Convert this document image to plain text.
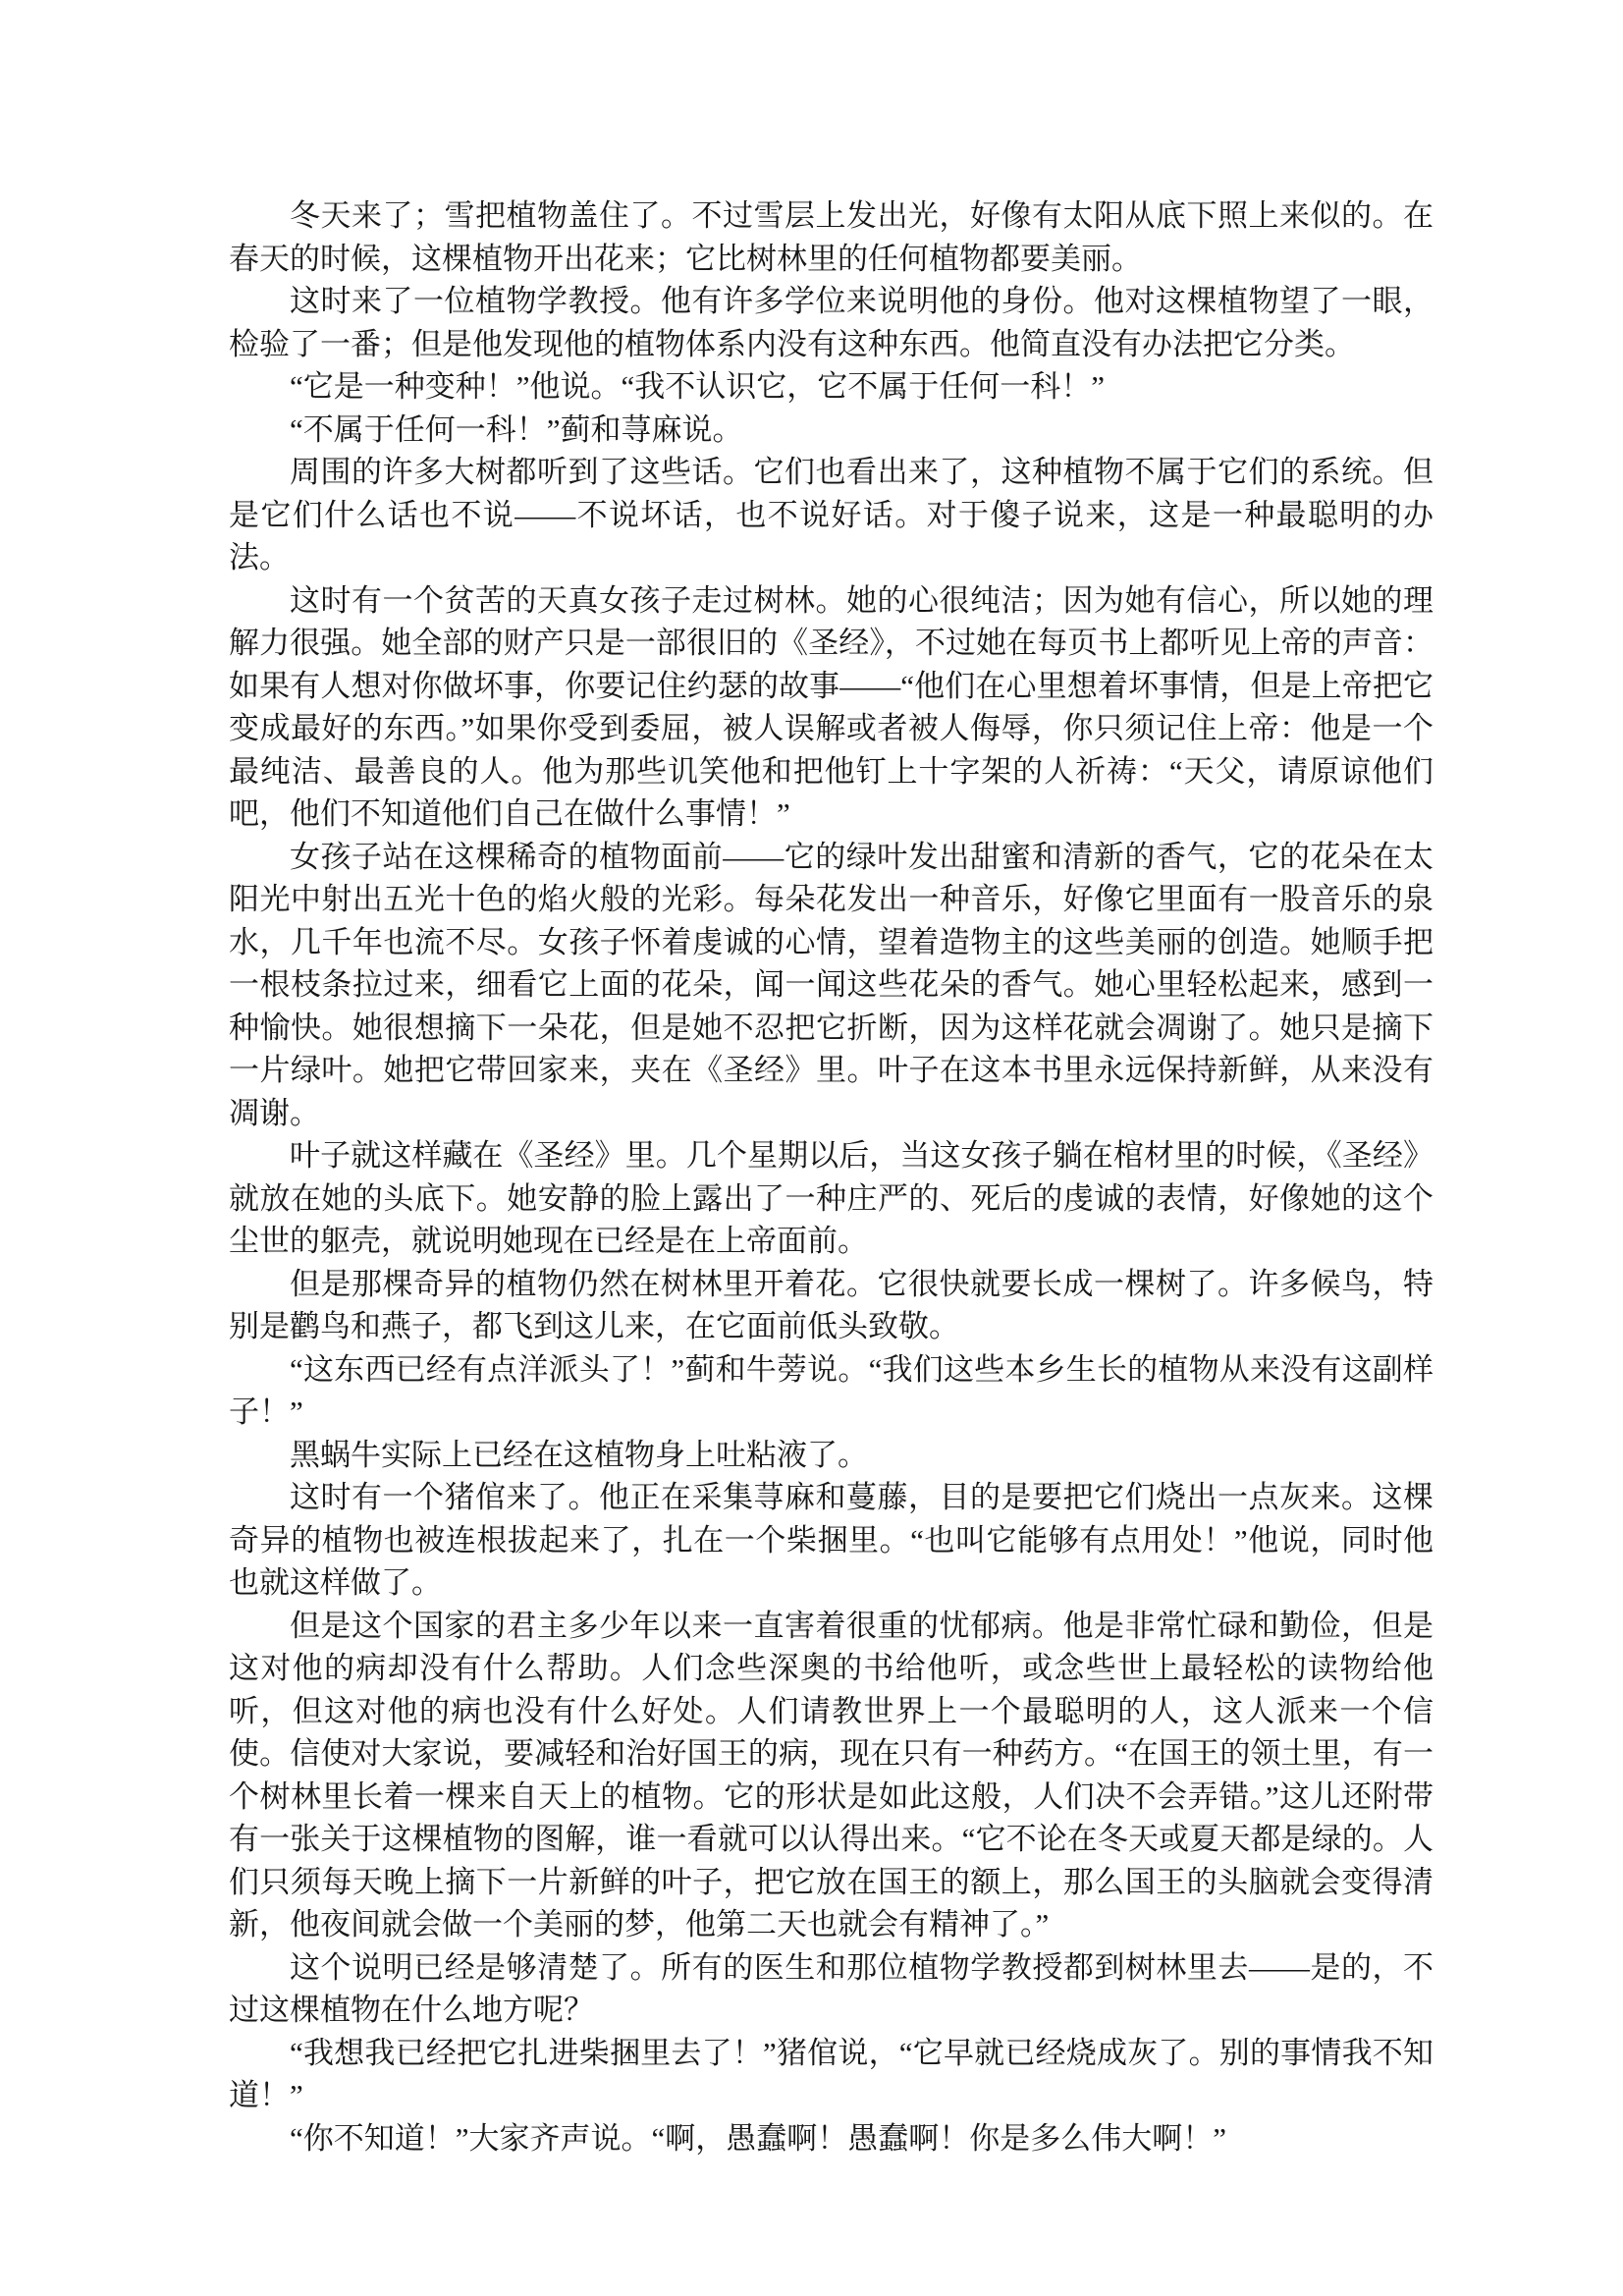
冬天来了；雪把植物盖住了。不过雪层上发出光，好像有太阳从底下照上来似的。在春天的时候，这棵植物开出花来；它比树林里的任何植物都要美丽。

这时来了一位植物学教授。他有许多学位来说明他的身份。他对这棵植物望了一眼，检验了一番；但是他发现他的植物体系内没有这种东西。他简直没有办法把它分类。

“它是一种变种！”他说。“我不认识它，它不属于任何一科！”

“不属于任何一科！”蓟和荨麻说。

周围的许多大树都听到了这些话。它们也看出来了，这种植物不属于它们的系统。但是它们什么话也不说——不说坏话，也不说好话。对于傻子说来，这是一种最聪明的办法。

这时有一个贫苦的天真女孩子走过树林。她的心很纯洁；因为她有信心，所以她的理解力很强。她全部的财产只是一部很旧的《圣经》，不过她在每页书上都听见上帝的声音：如果有人想对你做坏事，你要记住约瑟的故事——“他们在心里想着坏事情，但是上帝把它变成最好的东西。”如果你受到委屈，被人误解或者被人侮辱，你只须记住上帝：他是一个最纯洁、最善良的人。他为那些讥笑他和把他钉上十字架的人祈祷：“天父，请原谅他们吧，他们不知道他们自己在做什么事情！”

女孩子站在这棵稀奇的植物面前——它的绿叶发出甜蜜和清新的香气，它的花朵在太阳光中射出五光十色的焰火般的光彩。每朵花发出一种音乐，好像它里面有一股音乐的泉水，几千年也流不尽。女孩子怀着虔诚的心情，望着造物主的这些美丽的创造。她顺手把一根枝条拉过来，细看它上面的花朵，闻一闻这些花朵的香气。她心里轻松起来，感到一种愉快。她很想摘下一朵花，但是她不忍把它折断，因为这样花就会凋谢了。她只是摘下一片绿叶。她把它带回家来，夹在《圣经》里。叶子在这本书里永远保持新鲜，从来没有凋谢。

叶子就这样藏在《圣经》里。几个星期以后，当这女孩子躺在棺材里的时候，《圣经》就放在她的头底下。她安静的脸上露出了一种庄严的、死后的虔诚的表情，好像她的这个尘世的躯壳，就说明她现在已经是在上帝面前。

但是那棵奇异的植物仍然在树林里开着花。它很快就要长成一棵树了。许多候鸟，特别是鹳鸟和燕子，都飞到这儿来，在它面前低头致敬。

“这东西已经有点洋派头了！”蓟和牛蒡说。“我们这些本乡生长的植物从来没有这副样子！”

黑蜗牛实际上已经在这植物身上吐粘液了。

这时有一个猪倌来了。他正在采集荨麻和蔓藤，目的是要把它们烧出一点灰来。这棵奇异的植物也被连根拔起来了，扎在一个柴捆里。“也叫它能够有点用处！”他说，同时他也就这样做了。

但是这个国家的君主多少年以来一直害着很重的忧郁病。他是非常忙碌和勤俭，但是这对他的病却没有什么帮助。人们念些深奥的书给他听，或念些世上最轻松的读物给他听，但这对他的病也没有什么好处。人们请教世界上一个最聪明的人，这人派来一个信使。信使对大家说，要减轻和治好国王的病，现在只有一种药方。“在国王的领土里，有一个树林里长着一棵来自天上的植物。它的形状是如此这般，人们决不会弄错。”这儿还附带有一张关于这棵植物的图解，谁一看就可以认得出来。“它不论在冬天或夏天都是绿的。人们只须每天晚上摘下一片新鲜的叶子，把它放在国王的额上，那么国王的头脑就会变得清新，他夜间就会做一个美丽的梦，他第二天也就会有精神了。”

这个说明已经是够清楚了。所有的医生和那位植物学教授都到树林里去——是的，不过这棵植物在什么地方呢？

“我想我已经把它扎进柴捆里去了！”猪倌说，“它早就已经烧成灰了。别的事情我不知道！”

“你不知道！”大家齐声说。“啊，愚蠢啊！愚蠢啊！你是多么伟大啊！”
